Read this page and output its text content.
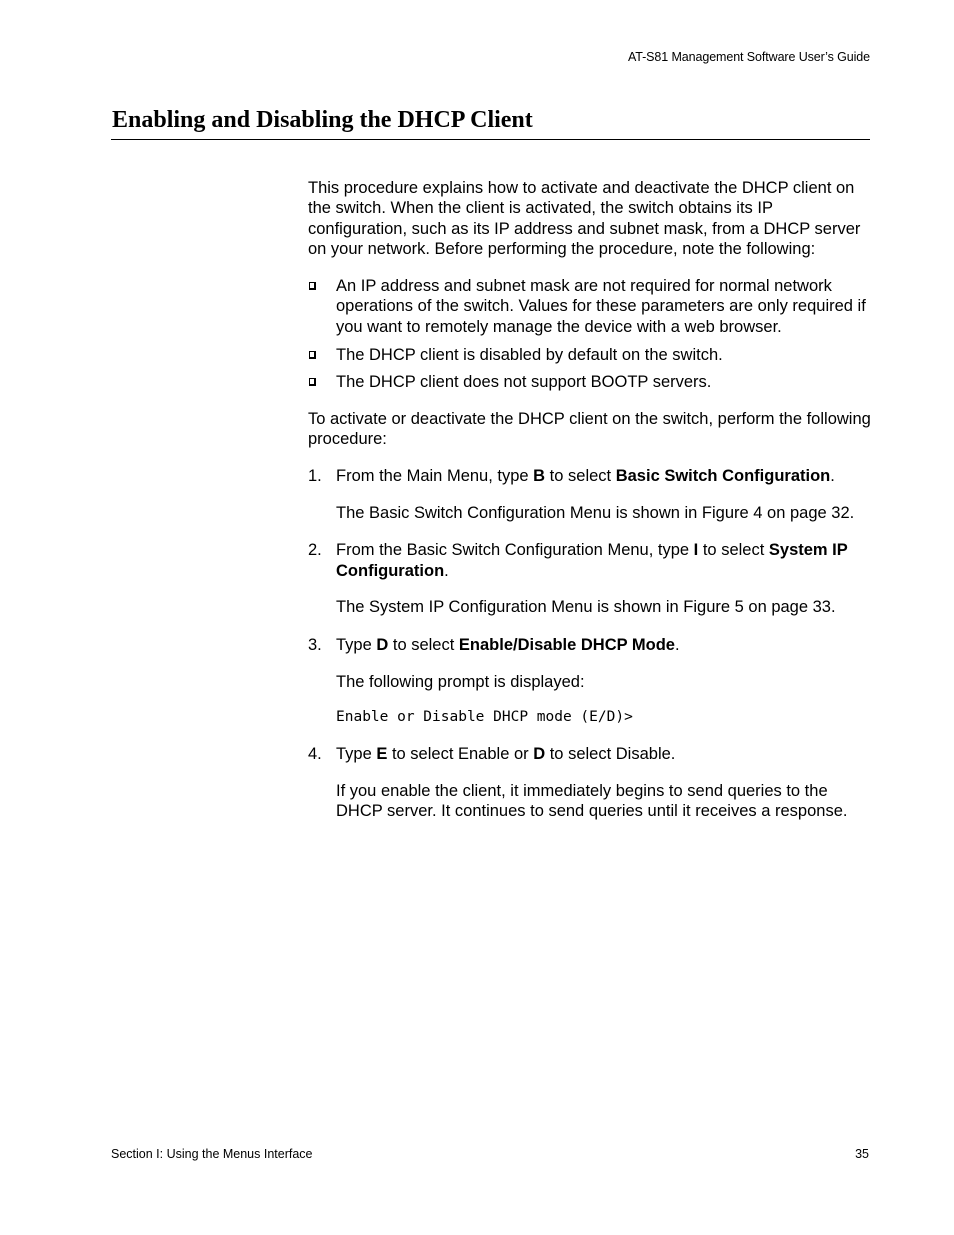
AT-S81 Management Software User’s Guide
Enabling and Disabling the DHCP Client

This procedure explains how to activate and deactivate the DHCP client on the switch. When the client is activated, the switch obtains its IP configuration, such as its IP address and subnet mask, from a DHCP server on your network. Before performing the procedure, note the following:

An IP address and subnet mask are not required for normal network operations of the switch. Values for these parameters are only required if you want to remotely manage the device with a web browser.
The DHCP client is disabled by default on the switch.
The DHCP client does not support BOOTP servers.

To activate or deactivate the DHCP client on the switch, perform the following procedure:

1. From the Main Menu, type B to select Basic Switch Configuration.

The Basic Switch Configuration Menu is shown in Figure 4 on page 32.

2. From the Basic Switch Configuration Menu, type I to select System IP Configuration.

The System IP Configuration Menu is shown in Figure 5 on page 33.

3. Type D to select Enable/Disable DHCP Mode.

The following prompt is displayed:

Enable or Disable DHCP mode (E/D)>

4. Type E to select Enable or D to select Disable.

If you enable the client, it immediately begins to send queries to the DHCP server. It continues to send queries until it receives a response.

Section I: Using the Menus Interface	35
